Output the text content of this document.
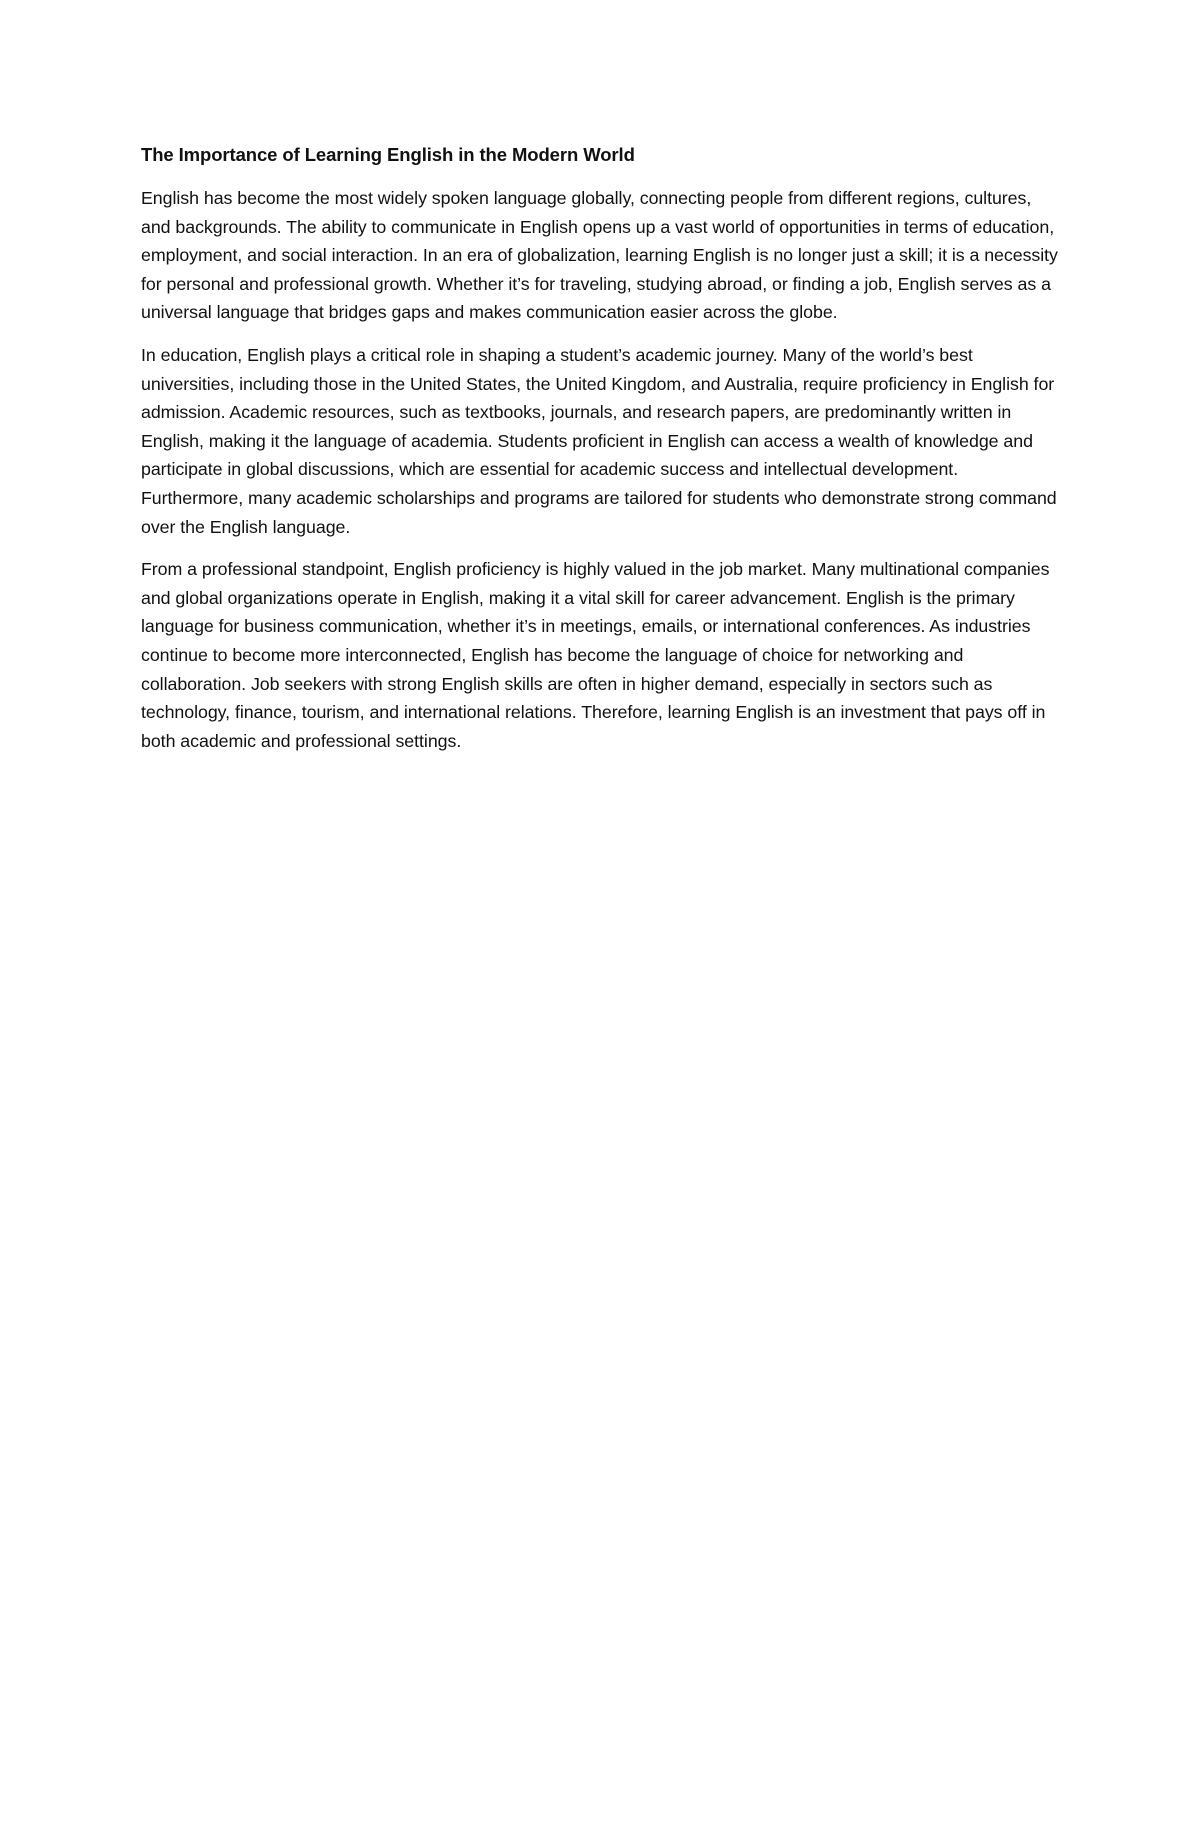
The Importance of Learning English in the Modern World

English has become the most widely spoken language globally, connecting people from different regions, cultures, and backgrounds. The ability to communicate in English opens up a vast world of opportunities in terms of education, employment, and social interaction. In an era of globalization, learning English is no longer just a skill; it is a necessity for personal and professional growth. Whether it’s for traveling, studying abroad, or finding a job, English serves as a universal language that bridges gaps and makes communication easier across the globe.

In education, English plays a critical role in shaping a student’s academic journey. Many of the world’s best universities, including those in the United States, the United Kingdom, and Australia, require proficiency in English for admission. Academic resources, such as textbooks, journals, and research papers, are predominantly written in English, making it the language of academia. Students proficient in English can access a wealth of knowledge and participate in global discussions, which are essential for academic success and intellectual development. Furthermore, many academic scholarships and programs are tailored for students who demonstrate strong command over the English language.

From a professional standpoint, English proficiency is highly valued in the job market. Many multinational companies and global organizations operate in English, making it a vital skill for career advancement. English is the primary language for business communication, whether it’s in meetings, emails, or international conferences. As industries continue to become more interconnected, English has become the language of choice for networking and collaboration. Job seekers with strong English skills are often in higher demand, especially in sectors such as technology, finance, tourism, and international relations. Therefore, learning English is an investment that pays off in both academic and professional settings.
